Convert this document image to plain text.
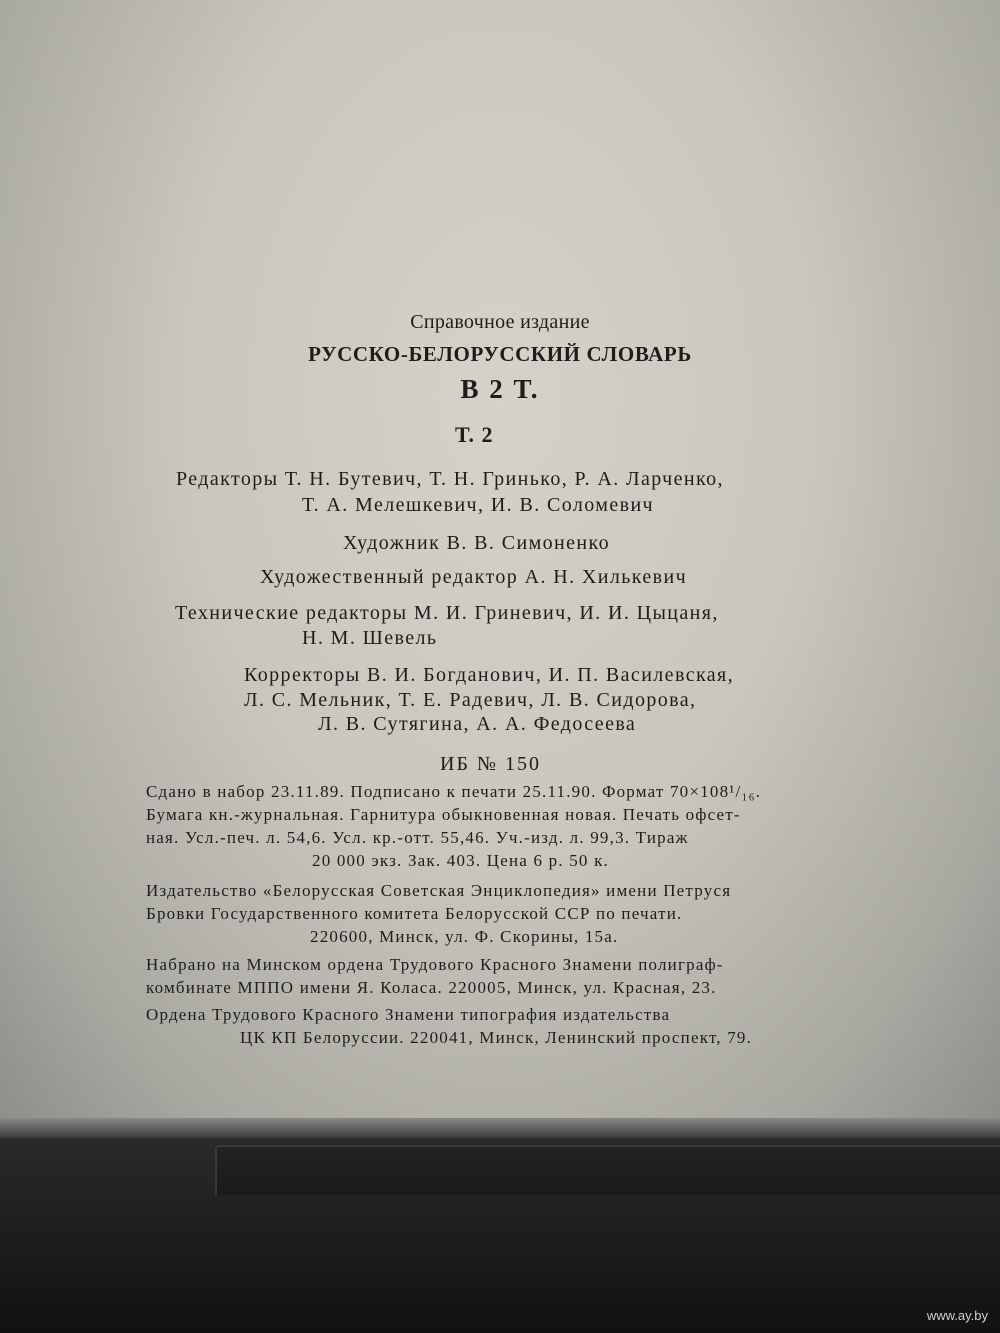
Справочное издание
РУССКО-БЕЛОРУССКИЙ СЛОВАРЬ
В 2 Т.
Т. 2
Редакторы Т. Н. Бутевич, Т. Н. Гринько, Р. А. Ларченко,
Т. А. Мелешкевич, И. В. Соломевич
Художник В. В. Симоненко
Художественный редактор А. Н. Хилькевич
Технические редакторы М. И. Гриневич, И. И. Цыцаня,
Н. М. Шевель
Корректоры В. И. Богданович, И. П. Василевская,
Л. С. Мельник, Т. Е. Радевич, Л. В. Сидорова,
Л. В. Сутягина, А. А. Федосеева
ИБ № 150
Сдано в набор 23.11.89. Подписано к печати 25.11.90. Формат 70×108¹/₁₆.
Бумага кн.-журнальная. Гарнитура обыкновенная новая. Печать офсет-
ная. Усл.-печ. л. 54,6. Усл. кр.-отт. 55,46. Уч.-изд. л. 99,3. Тираж
20 000 экз. Зак. 403. Цена 6 р. 50 к.
Издательство «Белорусская Советская Энциклопедия» имени Петруся
Бровки Государственного комитета Белорусской ССР по печати.
220600, Минск, ул. Ф. Скорины, 15а.
Набрано на Минском ордена Трудового Красного Знамени полиграф-
комбинате МППО имени Я. Коласа. 220005, Минск, ул. Красная, 23.
Ордена Трудового Красного Знамени типография издательства
ЦК КП Белоруссии. 220041, Минск, Ленинский проспект, 79.
www.ay.by
